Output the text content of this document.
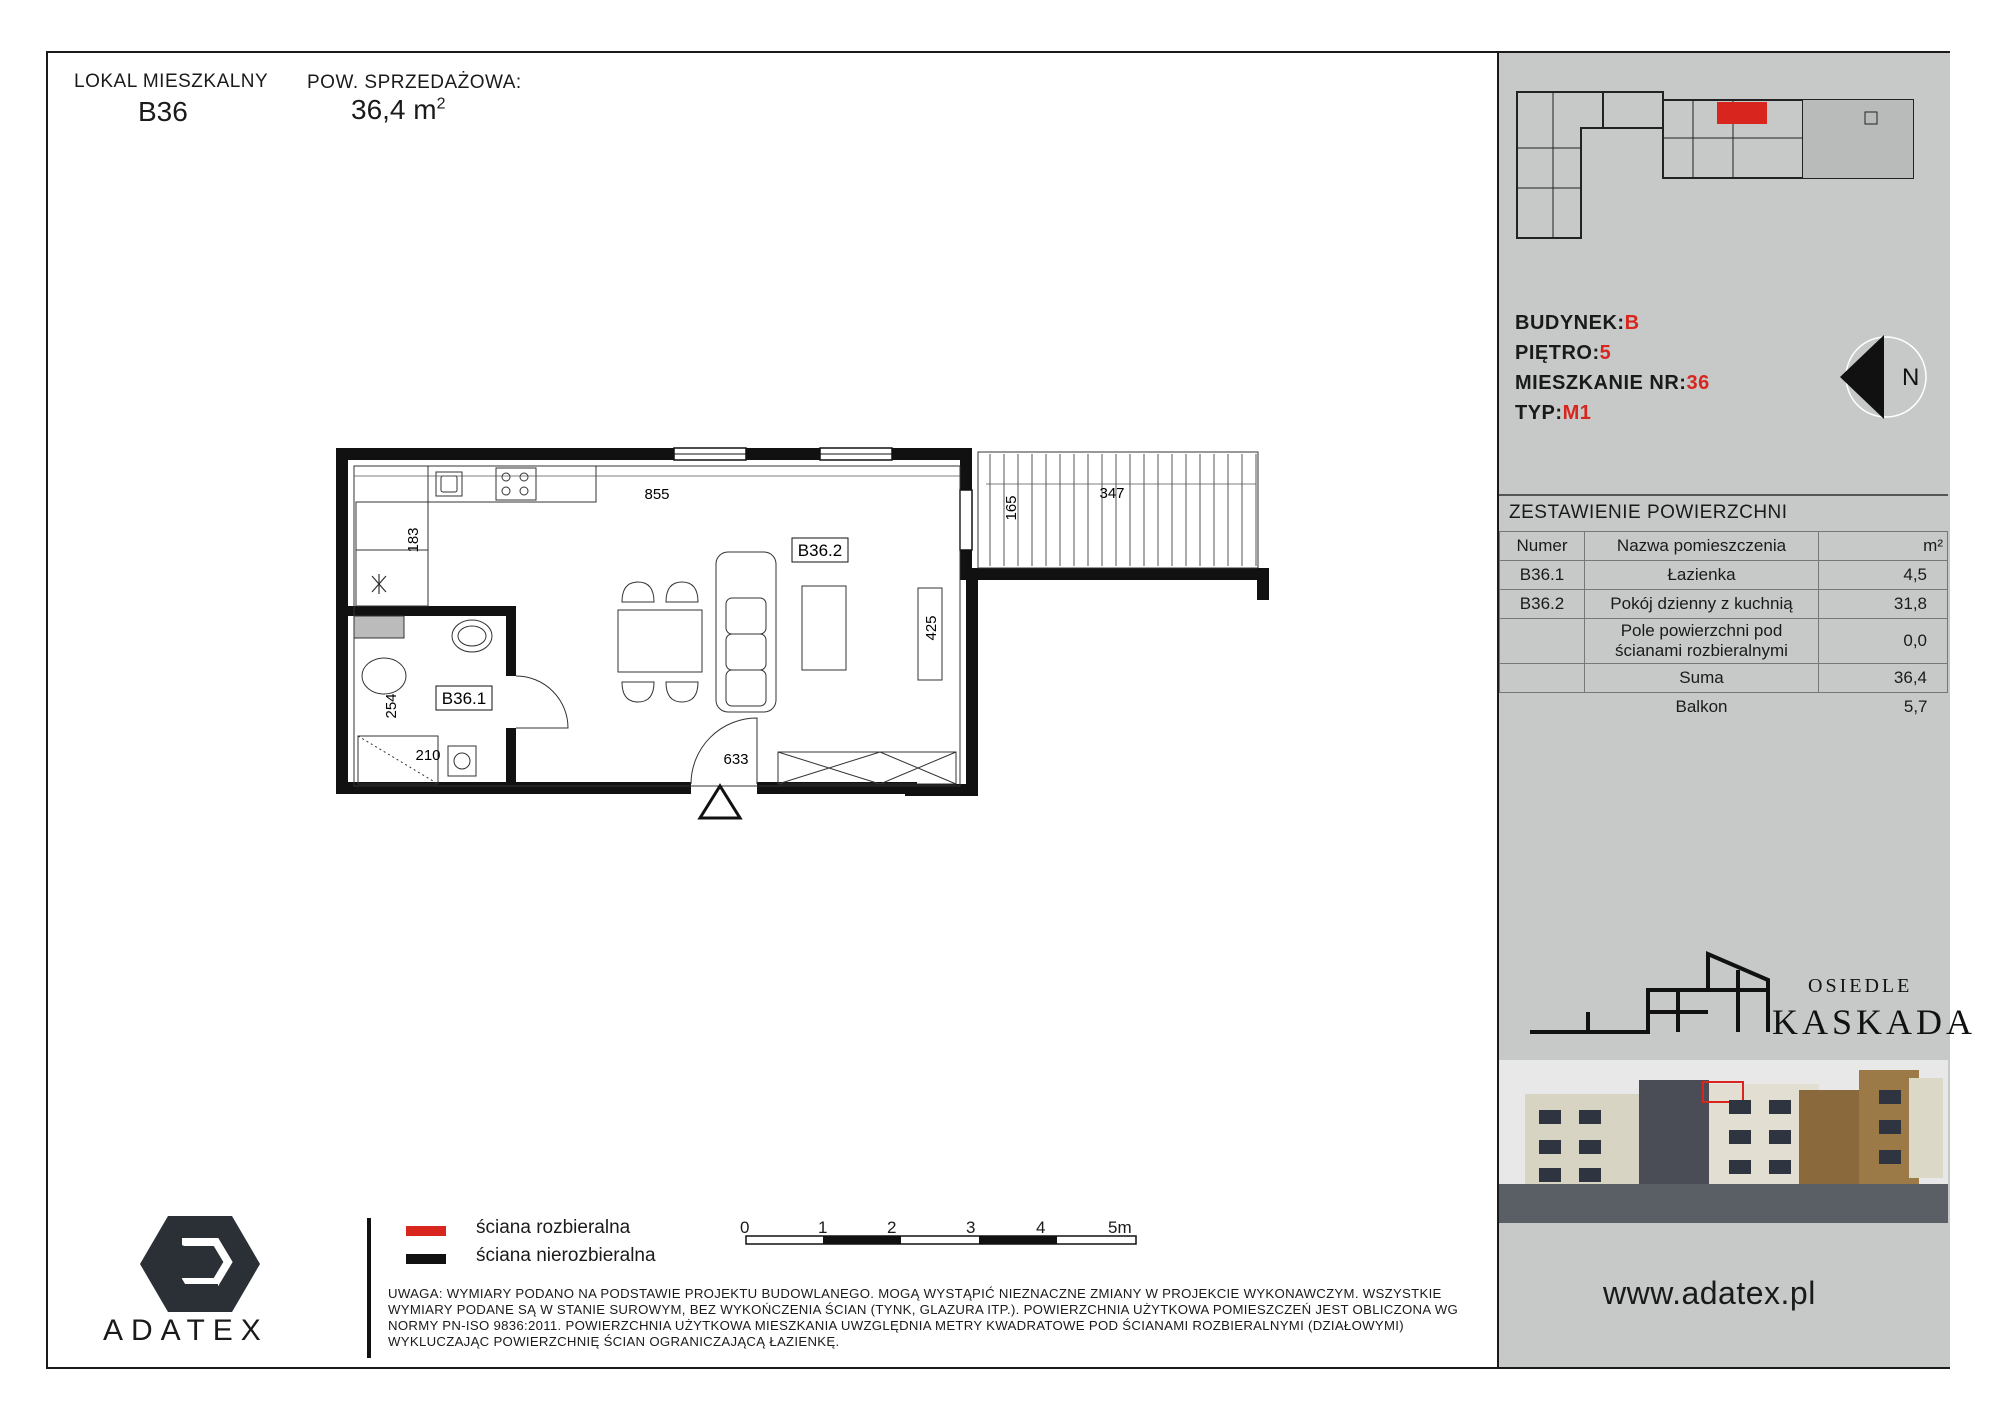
LOKAL MIESZKALNY
B36
POW. SPRZEDAŻOWA:
36,4 $m^2$
B36.2
B36.1
855	347
165
183
425
254
210	633
BUDYNEK:B
PIĘTRO:5
MIESZKANIE NR:36
TYP:M1
N
ZESTAWIENIE POWIERZCHNI
Numer	Nazwa pomieszczenia	m²
B36.1	Łazienka	4,5
B36.2	Pokój dzienny z kuchnią	31,8
	Pole powierzchni pod ścianami rozbieralnymi	0,0
	Suma	36,4
	Balkon	5,7
OSIEDLE
KASKADA
www.adatex.pl
ADATEX
ściana rozbieralna
ściana nierozbieralna
0	1	2	3	4	5m
UWAGA: WYMIARY PODANO NA PODSTAWIE PROJEKTU BUDOWLANEGO. MOGĄ WYSTĄPIĆ NIEZNACZNE ZMIANY W PROJEKCIE WYKONAWCZYM. WSZYSTKIE WYMIARY PODANE SĄ W STANIE SUROWYM, BEZ WYKOŃCZENIA ŚCIAN (TYNK, GLAZURA ITP.). POWIERZCHNIA UŻYTKOWA POMIESZCZEŃ JEST OBLICZONA WG NORMY PN-ISO 9836:2011. POWIERZCHNIA UŻYTKOWA MIESZKANIA UWZGLĘDNIA METRY KWADRATOWE POD ŚCIANAMI ROZBIERALNYMI (DZIAŁOWYMI) WYKLUCZAJĄC POWIERZCHNIĘ ŚCIAN OGRANICZAJĄCĄ ŁAZIENKĘ.
